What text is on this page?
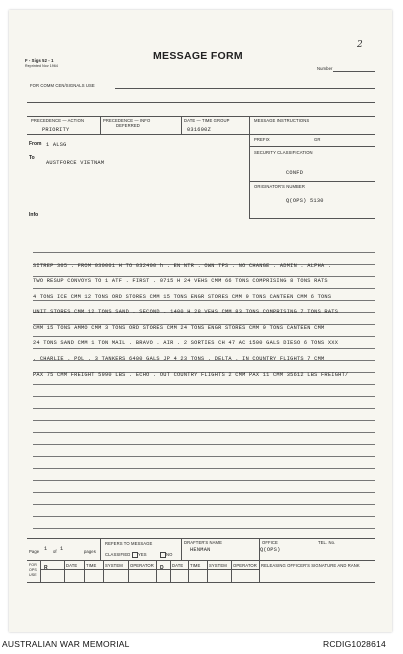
F - Sigs 52 - 1
Reprinted Nov 1964
MESSAGE FORM
2
Number
FOR COMM CEN/SIGNALS USE
PRECEDENCE — ACTION	PRECEDENCE — INFO
DEFERRED
DATE — TIME GROUP	MESSAGE INSTRUCTIONS
PRIORITY	031600Z
PREFIX	GR
From 1 ALSG
To
AUSTFORCE VIETNAM
SECURITY CLASSIFICATION
CONFD
ORIGINATOR'S NUMBER
Q(OPS) 5130
Info
SITREP 305 . FROM 030001 H TO 032400 h . EN NTR . OWN TPS . NO CHANGE . ADMIN . ALPHA .
TWO RESUP CONVOYS TO 1 ATF . FIRST . 0715 H 24 VEHS CMM 66 TONS COMPRISING 8 TONS RATS
4 TONS ICE CMM 12 TONS ORD STORES CMM 15 TONS ENGR STORES CMM 9 TONS CANTEEN CMM 6 TONS
UNIT STORES CMM 12 TONS SAND . SECOND . 1400 H 28 VEHS CMM 83 TONS COMPRISING 7 TONS RATS
CMM 15 TONS AMMO CMM 3 TONS ORD STORES CMM 24 TONS ENGR STORES CMM 9 TONS CANTEEN CMM
24 TONS SAND CMM 1 TON MAIL . BRAVO . AIR . 2 SORTIES CH 47 AC 1500 GALS DIESO 6 TONS XXX
. CHARLIE . POL . 3 TANKERS 6400 GALS JP 4 23 TONS . DELTA . IN COUNTRY FLIGHTS 7 CMM
PAX 75 CMM FREIGHT 5990 LBS . ECHO . OUT COUNTRY FLIGHTS 2 CMM PAX 11 CMM 35612 LBS FREIGHT/
Page 1 of 1	pages
REFERS TO MESSAGE
CLASSIFIED YES	NO
DRAFTER'S NAME
HENMAN
OFFICE
Q(OPS)
TEL. No.
FOR OPS USE
R	DATE TIME SYSTEM OPERATOR D DATE TIME SYSTEM OPERATOR RELEASING OFFICER'S SIGNATURE AND RANK
AUSTRALIAN WAR MEMORIAL	RCDIG1028614
